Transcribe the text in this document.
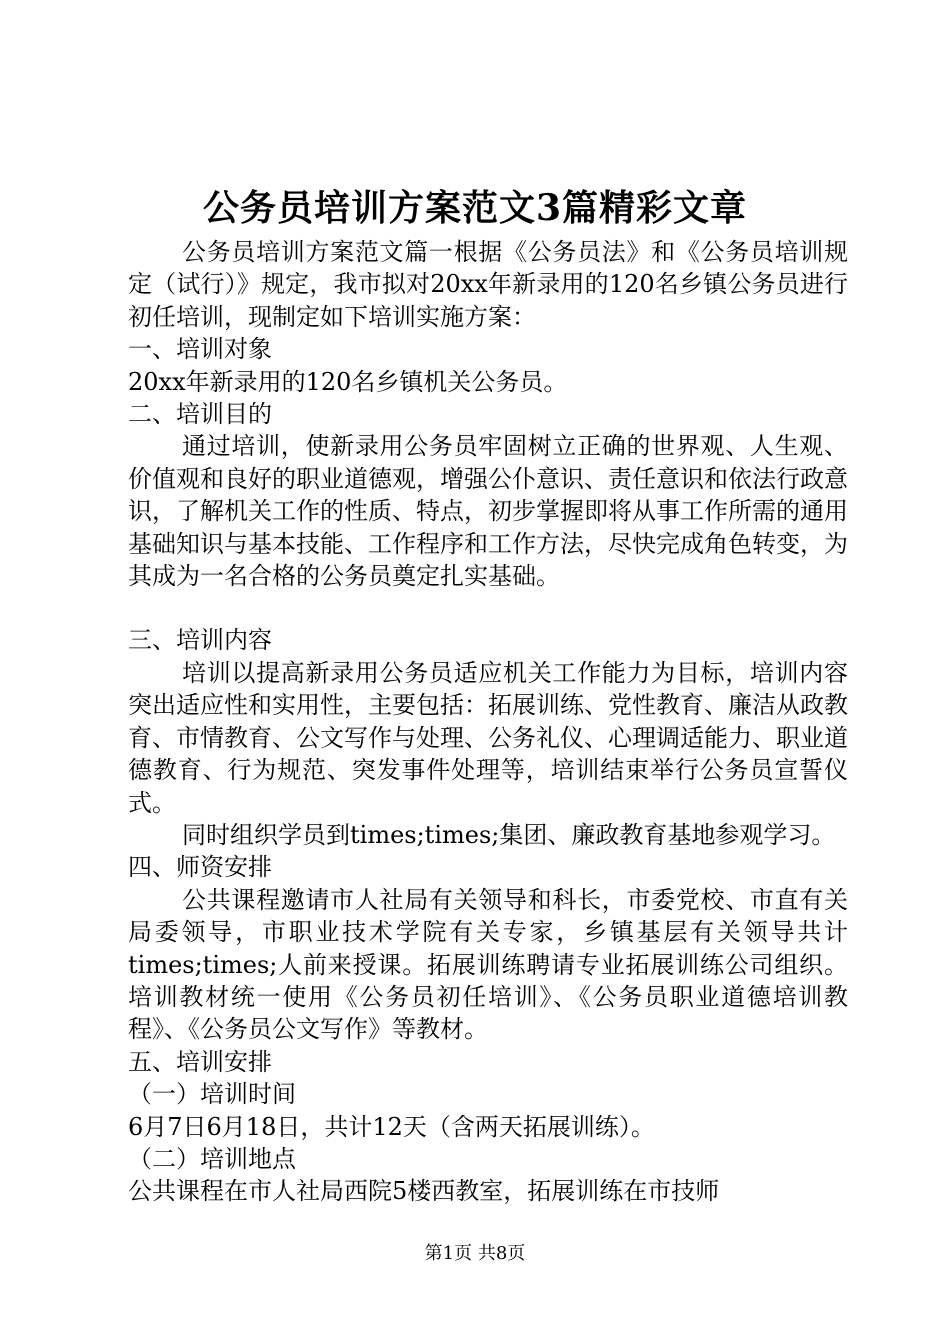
公务员培训方案范文3篇精彩文章

公务员培训方案范文篇一根据《公务员法》和《公务员培训规定（试行）》规定，我市拟对20xx年新录用的120名乡镇公务员进行初任培训，现制定如下培训实施方案：

一、培训对象

20xx年新录用的120名乡镇机关公务员。

二、培训目的

通过培训，使新录用公务员牢固树立正确的世界观、人生观、价值观和良好的职业道德观，增强公仆意识、责任意识和依法行政意识，了解机关工作的性质、特点，初步掌握即将从事工作所需的通用基础知识与基本技能、工作程序和工作方法，尽快完成角色转变，为其成为一名合格的公务员奠定扎实基础。

三、培训内容

培训以提高新录用公务员适应机关工作能力为目标，培训内容突出适应性和实用性，主要包括：拓展训练、党性教育、廉洁从政教育、市情教育、公文写作与处理、公务礼仪、心理调适能力、职业道德教育、行为规范、突发事件处理等，培训结束举行公务员宣誓仪式。

同时组织学员到times;times;集团、廉政教育基地参观学习。

四、师资安排

公共课程邀请市人社局有关领导和科长，市委党校、市直有关局委领导，市职业技术学院有关专家，乡镇基层有关领导共计times;times;人前来授课。拓展训练聘请专业拓展训练公司组织。培训教材统一使用《公务员初任培训》、《公务员职业道德培训教程》、《公务员公文写作》等教材。

五、培训安排

（一）培训时间

6月7日6月18日，共计12天（含两天拓展训练）。

（二）培训地点

公共课程在市人社局西院5楼西教室，拓展训练在市技师

第1页 共8页
